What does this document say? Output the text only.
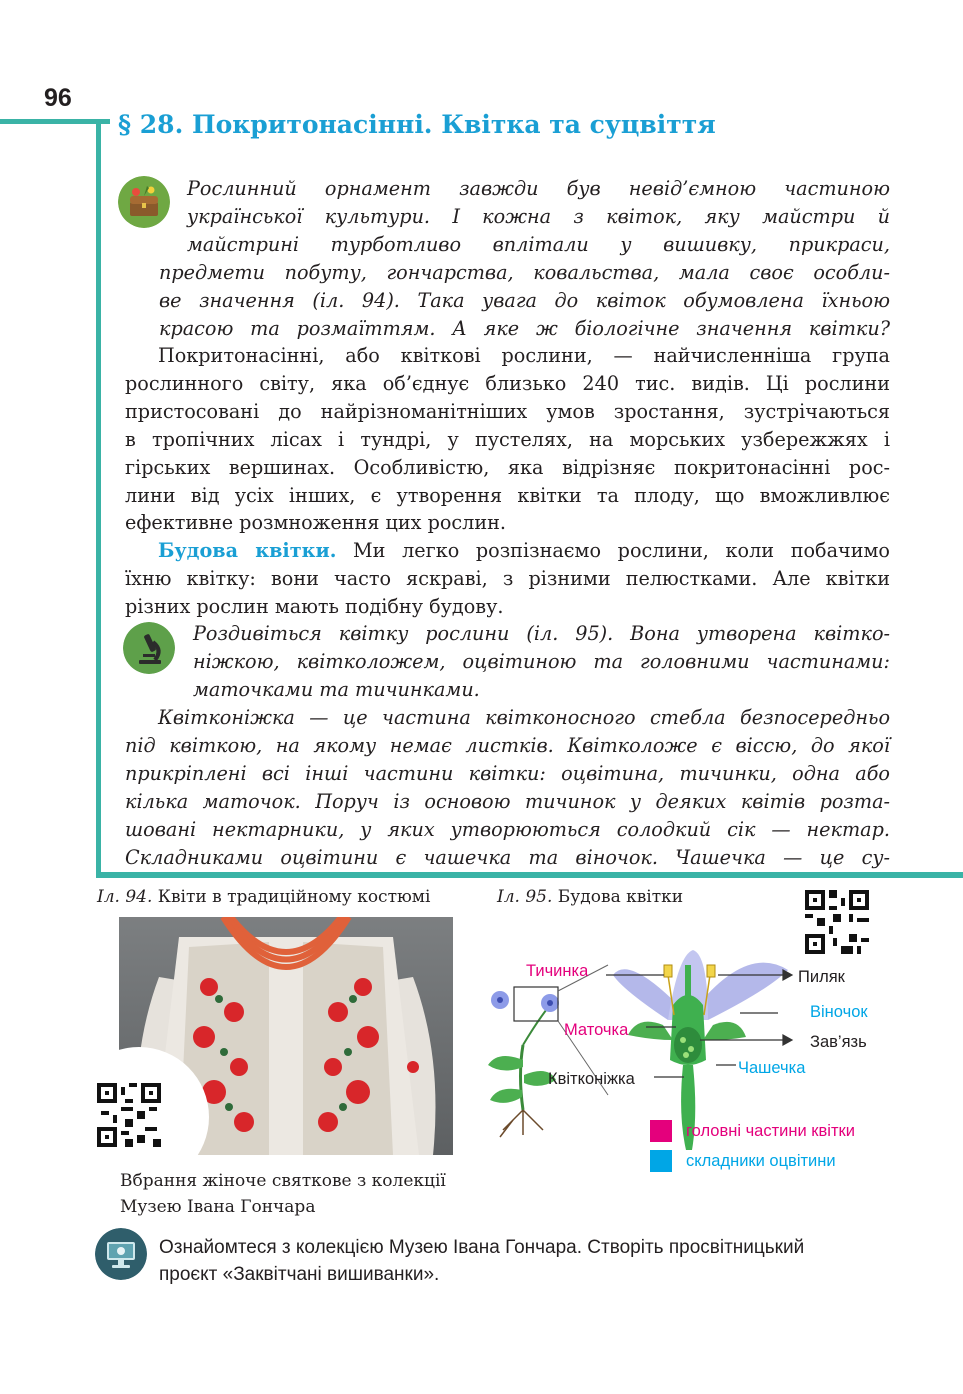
96
§ 28. Покритонасінні. Квітка та суцвіття
Рослинний орнамент завжди був невід’ємною частиною
української культури. І кожна з квіток, яку майстри й
майстрині турботливо вплітали у вишивку, прикраси,
предмети побуту, гончарства, ковальства, мала своє особли-
ве значення (іл. 94). Така увага до квіток обумовлена їхньою
красою та розмаїттям. А яке ж біологічне значення квітки?
Покритонасінні, або квіткові рослини, — найчисленніша група
рослинного світу, яка об’єднує близько 240 тис. видів. Ці рослини
пристосовані до найрізноманітніших умов зростання, зустрічаються
в тропічних лісах і тундрі, у пустелях, на морських узбережжях і
гірських вершинах. Особливістю, яка відрізняє покритонасінні рос-
лини від усіх інших, є утворення квітки та плоду, що вможливлює
ефективне розмноження цих рослин.
Будова квітки. Ми легко розпізнаємо рослини, коли побачимо
їхню квітку: вони часто яскраві, з різними пелюстками. Але квітки
різних рослин мають подібну будову.
Роздивіться квітку рослини (іл. 95). Вона утворена квітко-
ніжкою, квітколожем, оцвітиною та головними частинами:
маточками та тичинками.
Квітконіжка — це частина квітконосного стебла безпосередньо
під квіткою, на якому немає листків. Квітколоже є віссю, до якої
прикріплені всі інші частини квітки: оцвітина, тичинки, одна або
кілька маточок. Поруч із основою тичинок у деяких квітів розта-
шовані нектарники, у яких утворюються солодкий сік — нектар.
Складниками оцвітини є чашечка та віночок. Чашечка — це су-
Іл. 94. Квіти в традиційному костюмі
Вбрання жіноче святкове з колекції
Музею Івана Гончара
Іл. 95. Будова квітки
Тичинка	Пиляк
Віночок
Маточка
Зав’язь
Чашечка
Квітконіжка
головні частини квітки
складники оцвітини
Ознайомтеся з колекцією Музею Івана Гончара. Створіть просвітницький
проєкт «Заквітчані вишиванки».
